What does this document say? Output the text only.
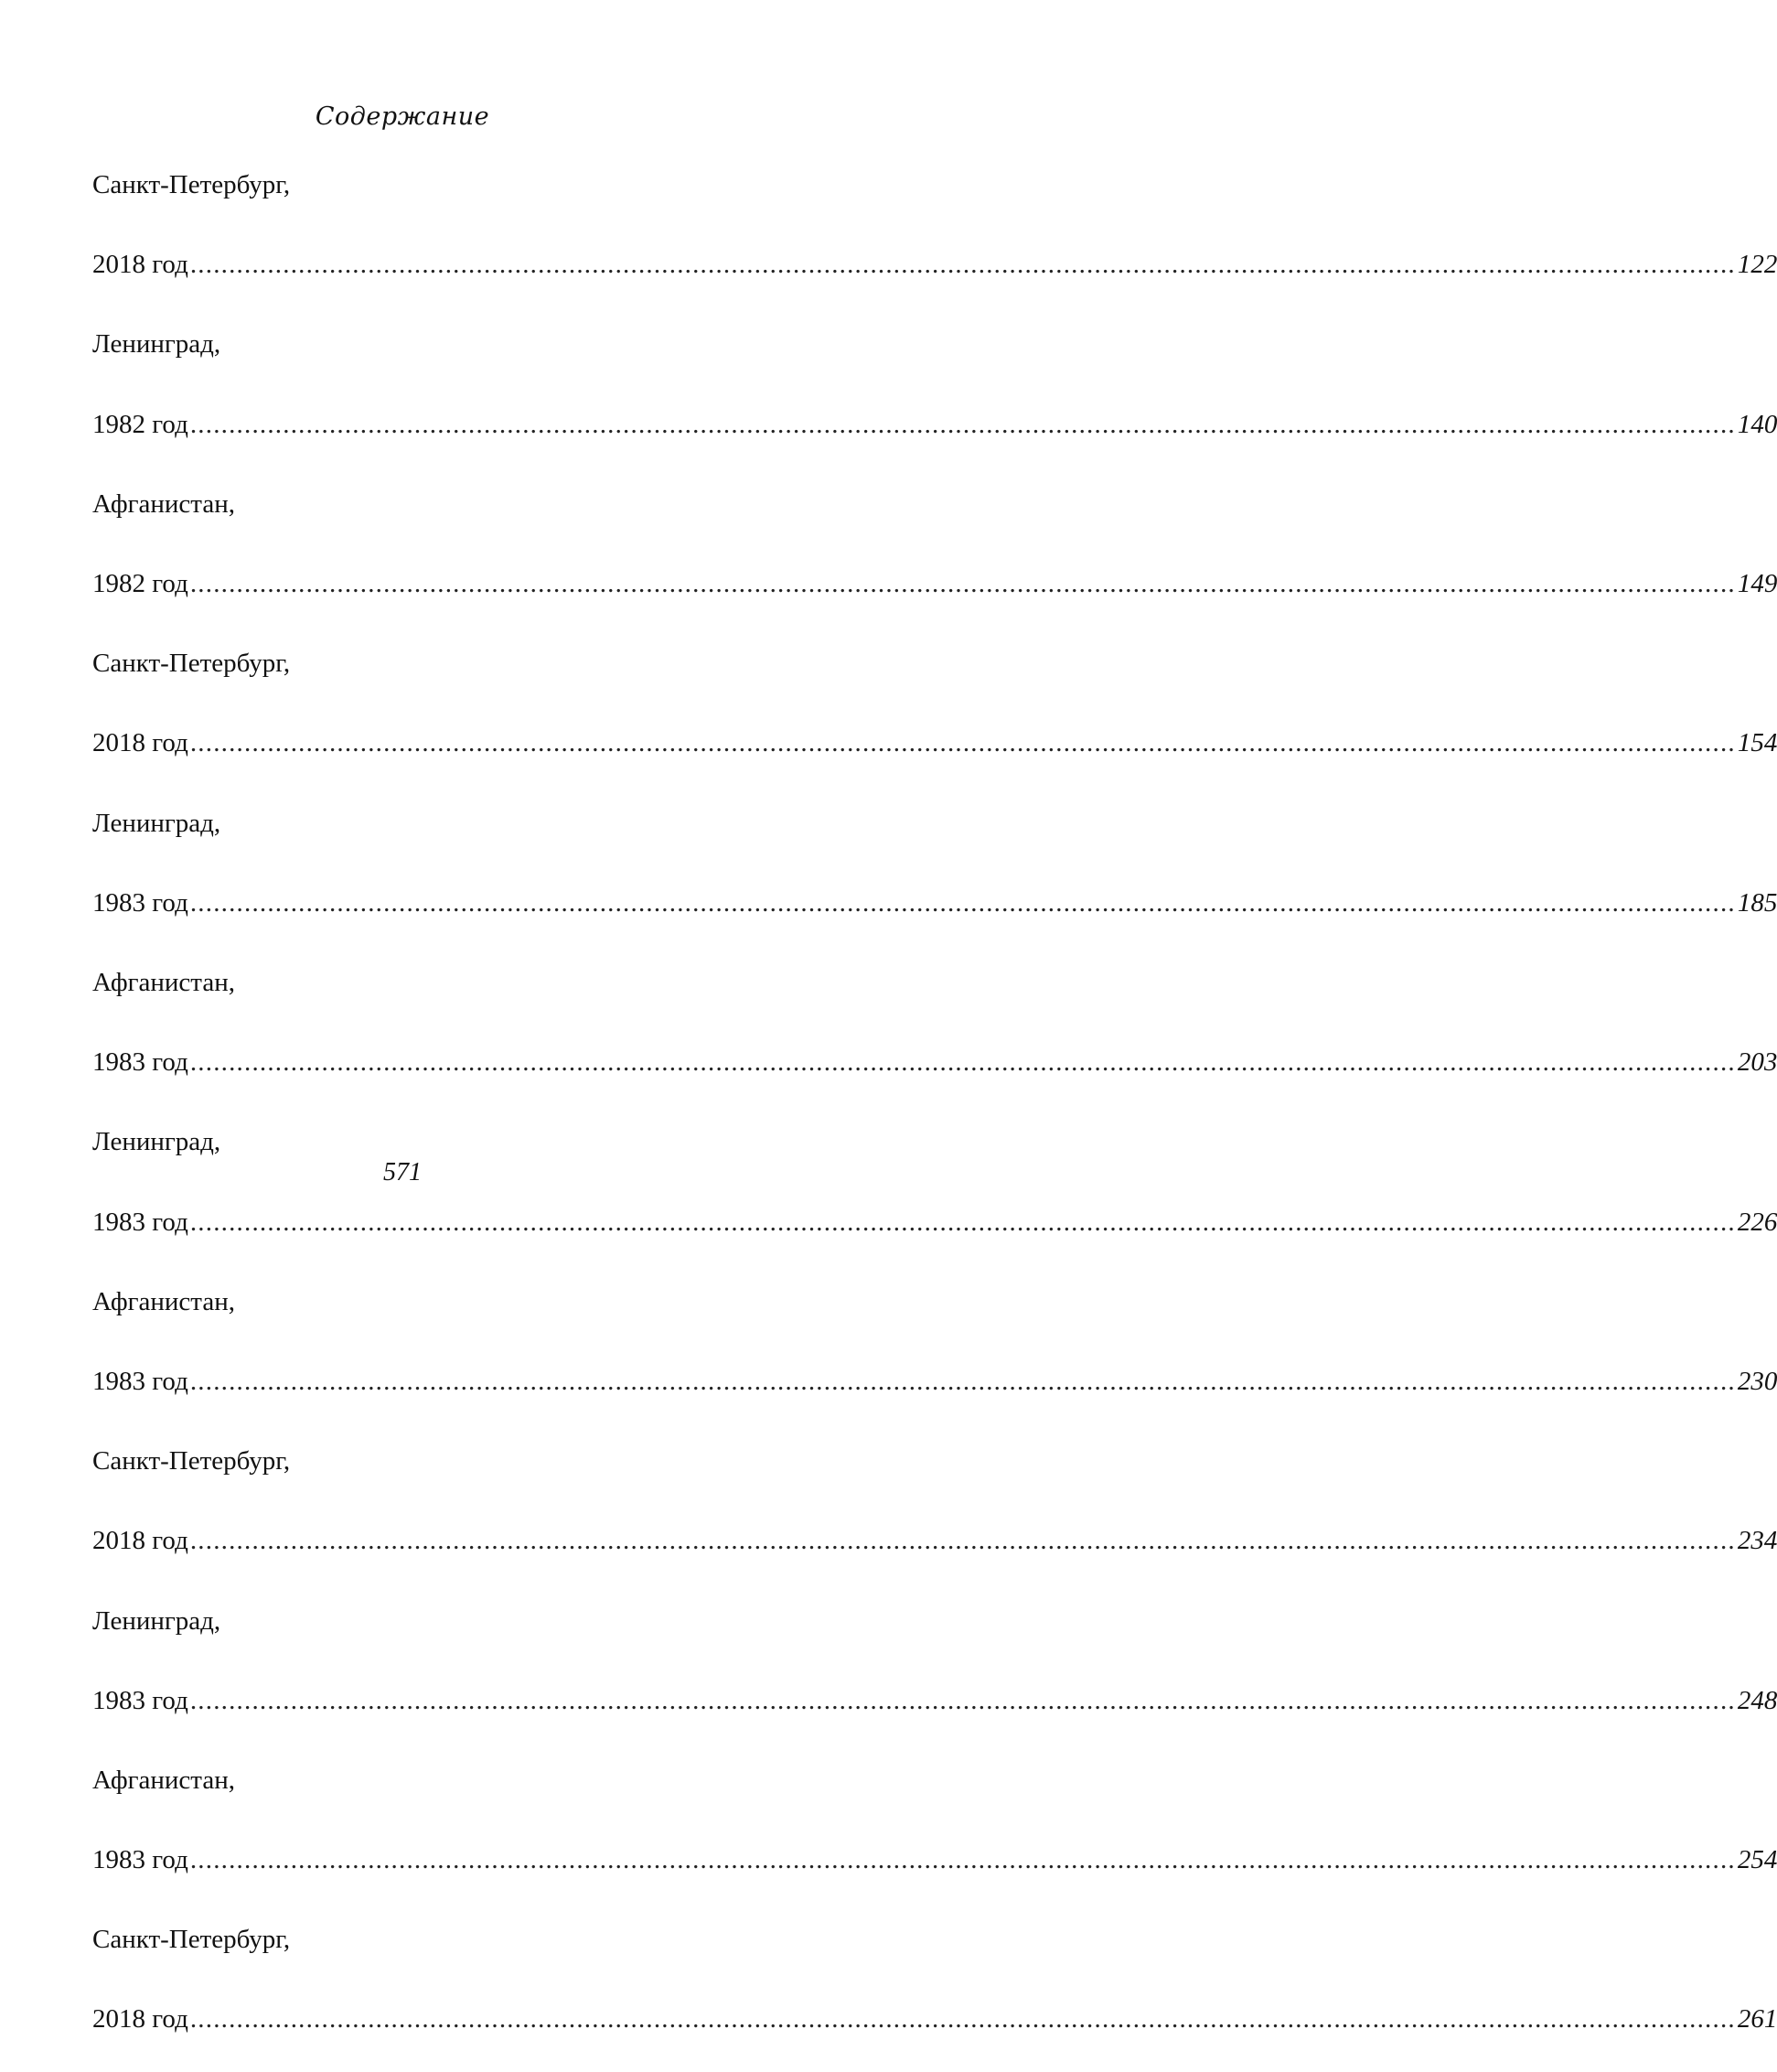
Содержание
Санкт-Петербург,
2018 год ........................................................................................................................................................................................................ 122
Ленинград,
1982 год ........................................................................................................................................................................................................ 140
Афганистан,
1982 год ........................................................................................................................................................................................................ 149
Санкт-Петербург,
2018 год ........................................................................................................................................................................................................ 154
Ленинград,
1983 год ........................................................................................................................................................................................................ 185
Афганистан,
1983 год ........................................................................................................................................................................................................ 203
Ленинград,
1983 год ........................................................................................................................................................................................................ 226
Афганистан,
1983 год ........................................................................................................................................................................................................ 230
Санкт-Петербург,
2018 год ........................................................................................................................................................................................................ 234
Ленинград,
1983 год ........................................................................................................................................................................................................ 248
Афганистан,
1983 год ........................................................................................................................................................................................................ 254
Санкт-Петербург,
2018 год ........................................................................................................................................................................................................ 261
571
